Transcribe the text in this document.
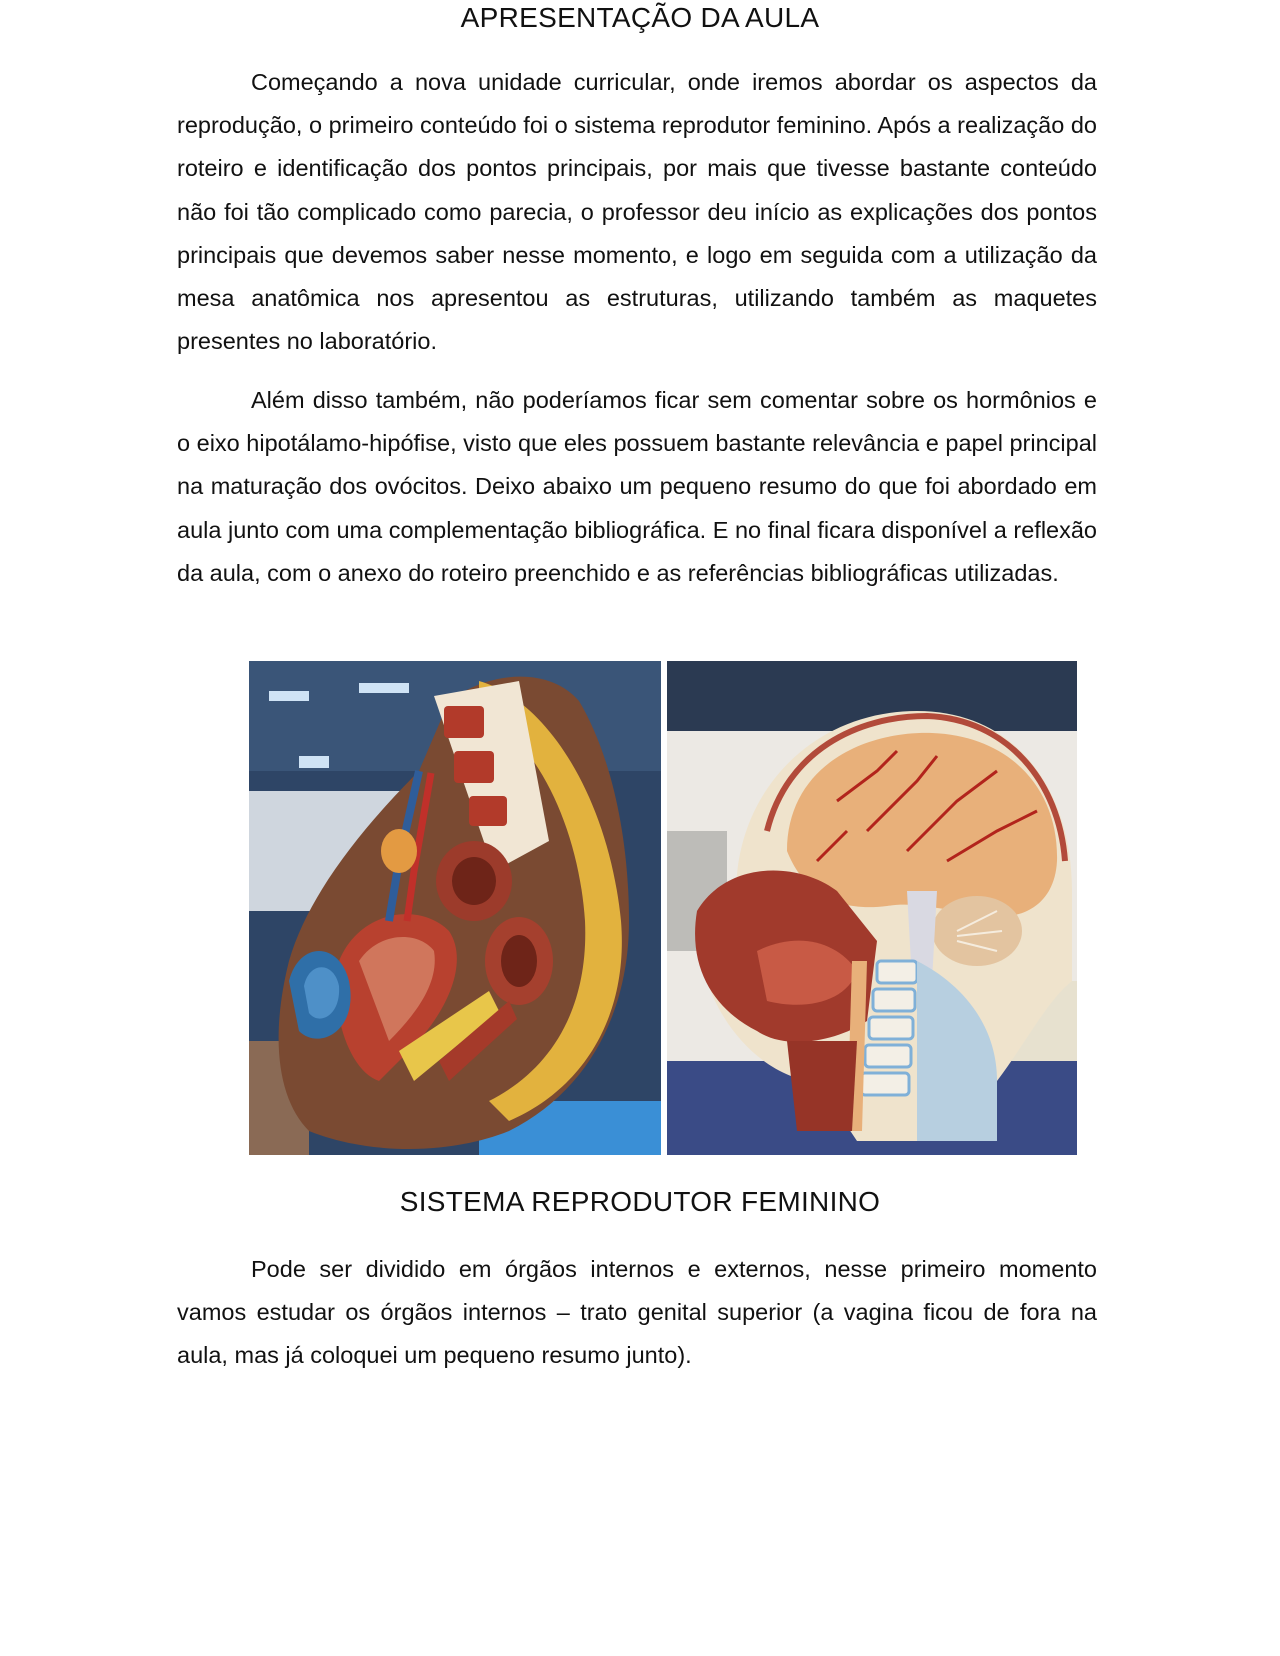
APRESENTAÇÃO DA AULA

Começando a nova unidade curricular, onde iremos abordar os aspectos da reprodução, o primeiro conteúdo foi o sistema reprodutor feminino. Após a realização do roteiro e identificação dos pontos principais, por mais que tivesse bastante conteúdo não foi tão complicado como parecia, o professor deu início as explicações dos pontos principais que devemos saber nesse momento, e logo em seguida com a utilização da mesa anatômica nos apresentou as estruturas, utilizando também as maquetes presentes no laboratório.

Além disso também, não poderíamos ficar sem comentar sobre os hormônios e o eixo hipotálamo-hipófise, visto que eles possuem bastante relevância e papel principal na maturação dos ovócitos. Deixo abaixo um pequeno resumo do que foi abordado em aula junto com uma complementação bibliográfica. E no final ficara disponível a reflexão da aula, com o anexo do roteiro preenchido e as referências bibliográficas utilizadas.

SISTEMA REPRODUTOR FEMININO

Pode ser dividido em órgãos internos e externos, nesse primeiro momento vamos estudar os órgãos internos – trato genital superior (a vagina ficou de fora na aula, mas já coloquei um pequeno resumo junto).
